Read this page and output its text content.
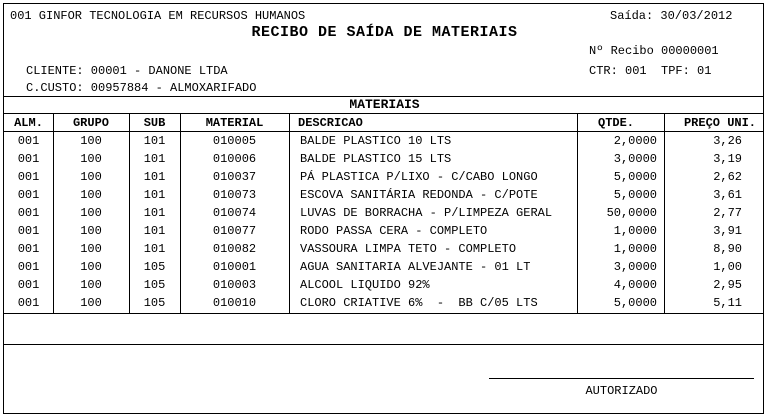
001 GINFOR TECNOLOGIA EM RECURSOS HUMANOS	Saída: 30/03/2012
RECIBO DE SAÍDA DE MATERIAIS
Nº Recibo 00000001
CLIENTE: 00001 - DANONE LTDA	CTR: 001  TPF: 01
C.CUSTO: 00957884 - ALMOXARIFADO
MATERIAIS
ALM.	GRUPO	SUB	MATERIAL	DESCRICAO	QTDE.	PREÇO UNI.
001	100	101	010005	BALDE PLASTICO 10 LTS	2,0000	3,26
001	100	101	010006	BALDE PLASTICO 15 LTS	3,0000	3,19
001	100	101	010037	PÁ PLASTICA P/LIXO - C/CABO LONGO	5,0000	2,62
001	100	101	010073	ESCOVA SANITÁRIA REDONDA - C/POTE	5,0000	3,61
001	100	101	010074	LUVAS DE BORRACHA - P/LIMPEZA GERAL	50,0000	2,77
001	100	101	010077	RODO PASSA CERA - COMPLETO	1,0000	3,91
001	100	101	010082	VASSOURA LIMPA TETO - COMPLETO	1,0000	8,90
001	100	105	010001	AGUA SANITARIA ALVEJANTE - 01 LT	3,0000	1,00
001	100	105	010003	ALCOOL LIQUIDO 92%	4,0000	2,95
001	100	105	010010	CLORO CRIATIVE 6%  -  BB C/05 LTS	5,0000	5,11
AUTORIZADO
